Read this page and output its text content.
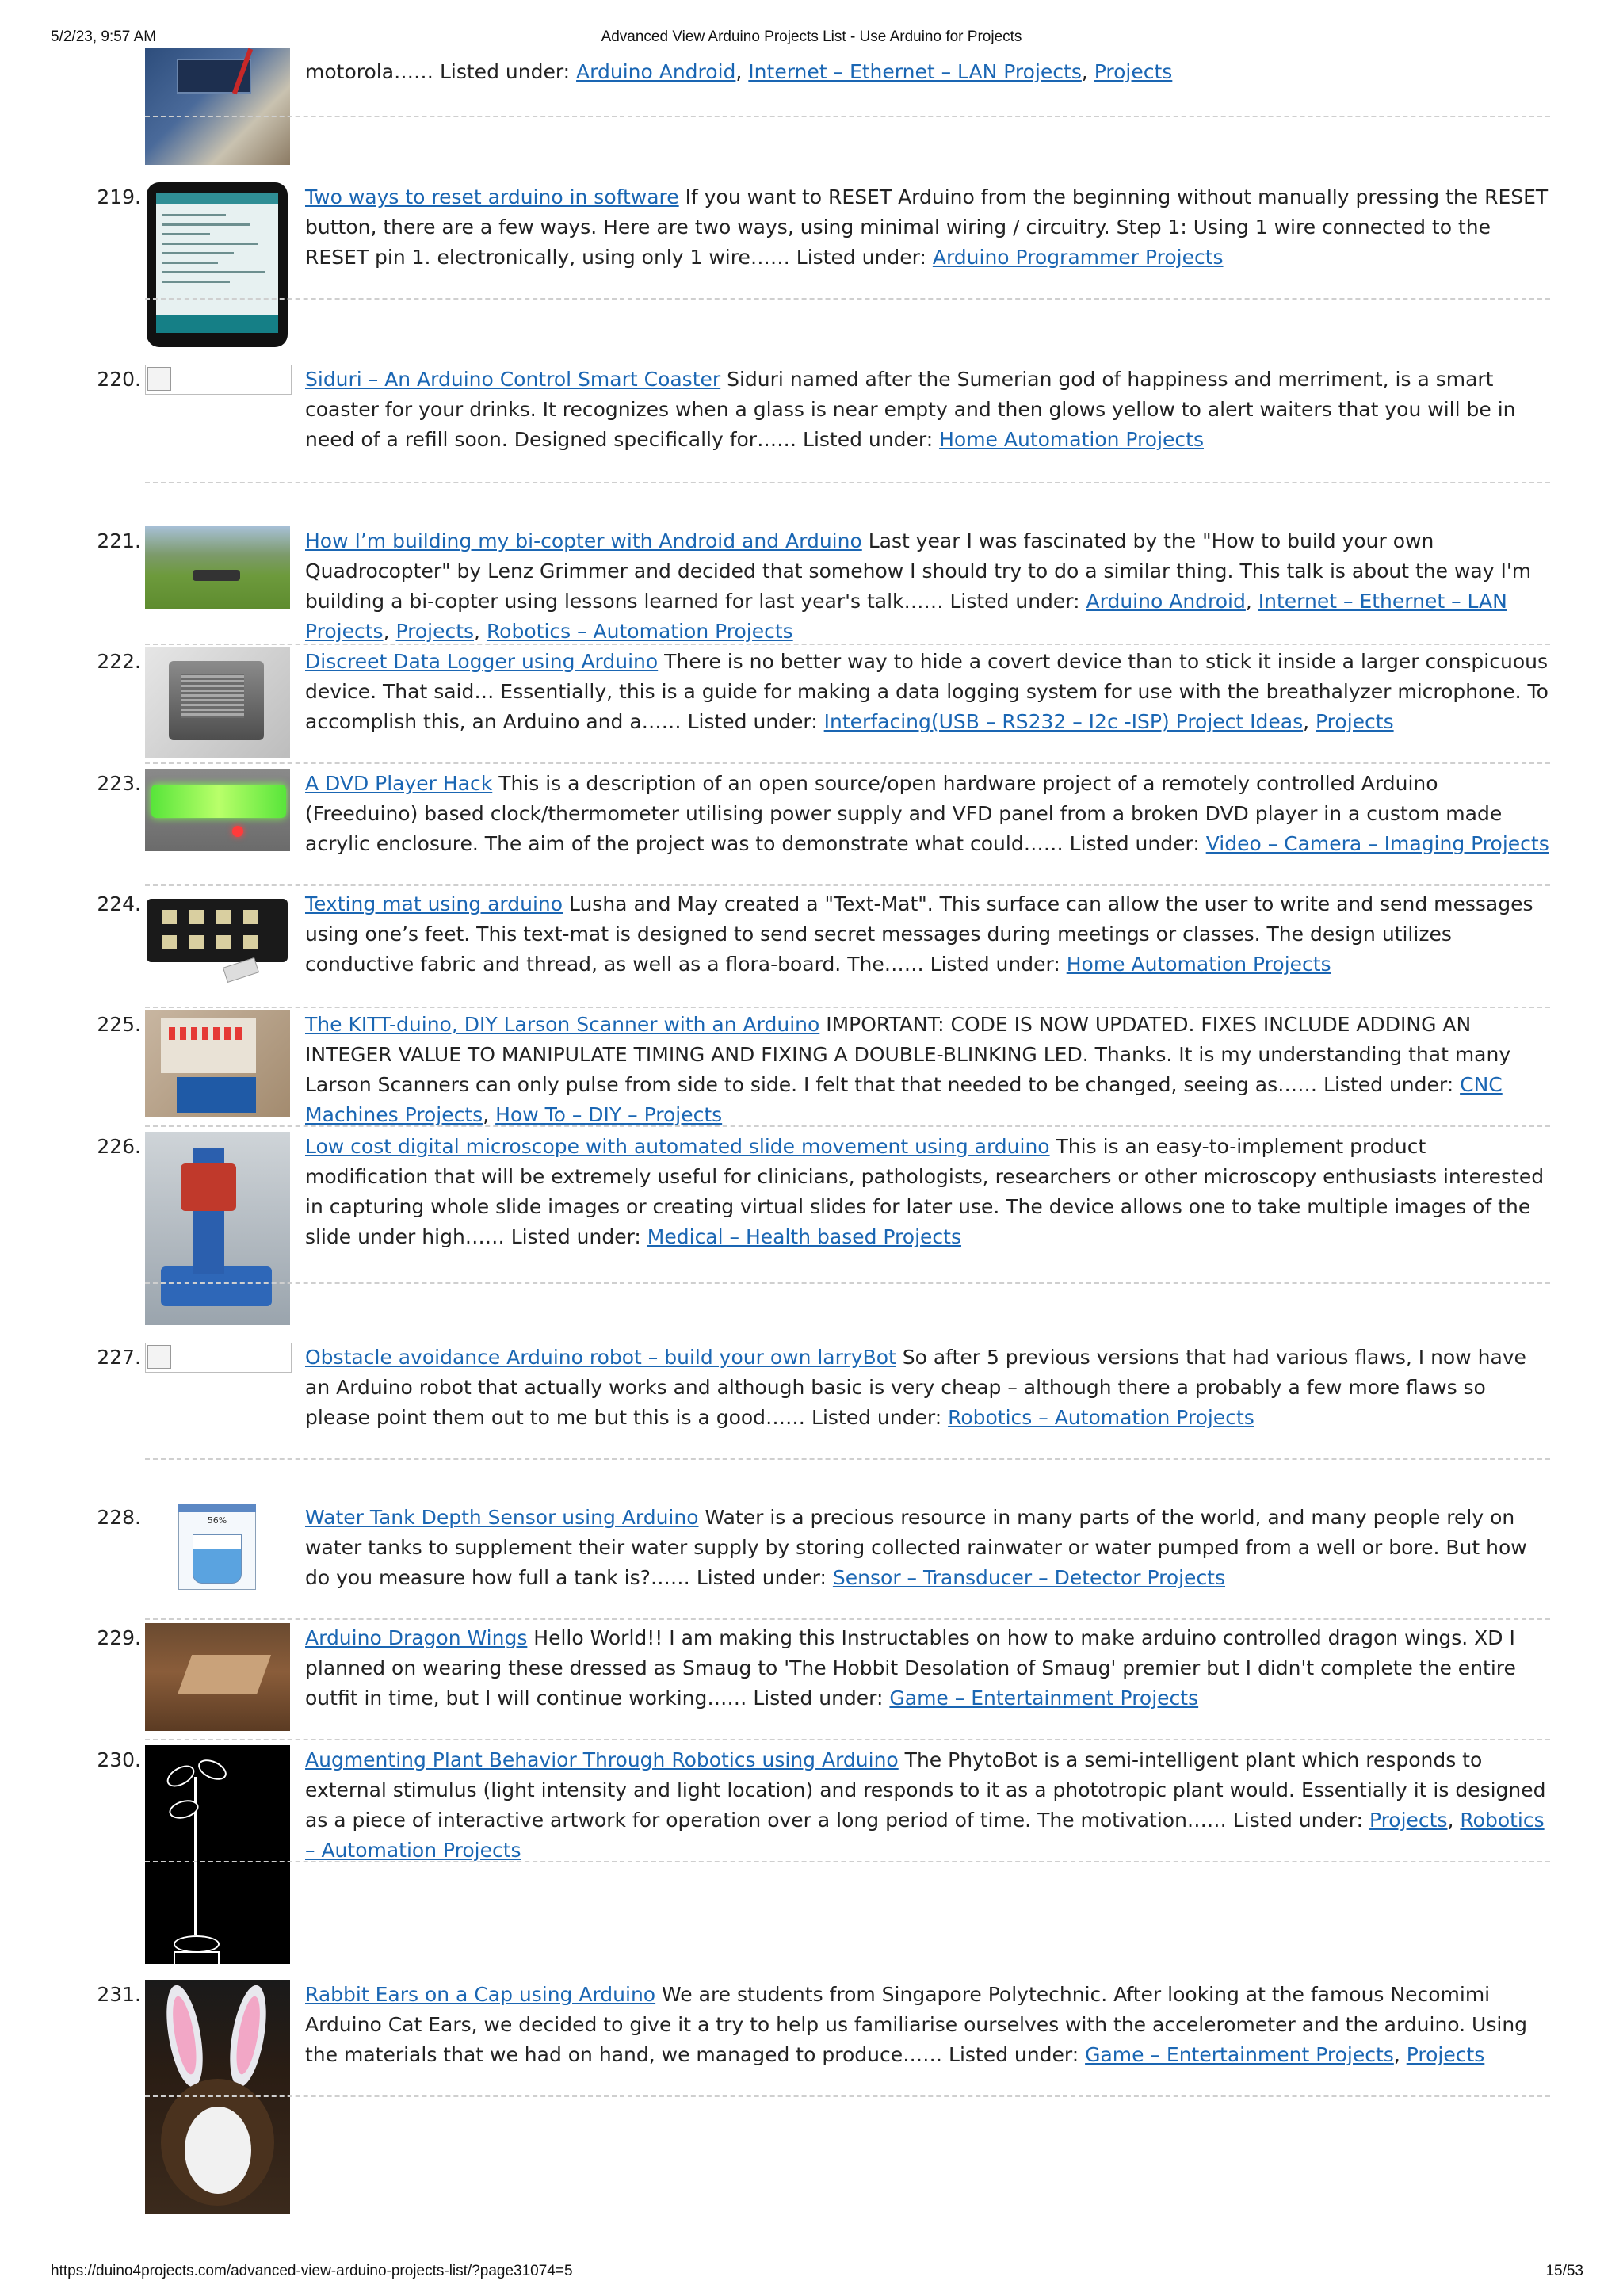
5/2/23, 9:57 AM	Advanced View Arduino Projects List - Use Arduino for Projects
motorola…… Listed under: Arduino Android, Internet – Ethernet – LAN Projects, Projects
219.	Two ways to reset arduino in software If you want to RESET Arduino from the beginning without manually pressing the RESET button, there are a few ways. Here are two ways, using minimal wiring / circuitry. Step 1: Using 1 wire connected to the RESET pin 1. electronically, using only 1 wire…… Listed under: Arduino Programmer Projects
220.	Siduri – An Arduino Control Smart Coaster Siduri named after the Sumerian god of happiness and merriment, is a smart coaster for your drinks. It recognizes when a glass is near empty and then glows yellow to alert waiters that you will be in need of a refill soon. Designed specifically for…… Listed under: Home Automation Projects
221.	How I’m building my bi-copter with Android and Arduino Last year I was fascinated by the "How to build your own Quadrocopter" by Lenz Grimmer and decided that somehow I should try to do a similar thing. This talk is about the way I'm building a bi-copter using lessons learned for last year's talk…… Listed under: Arduino Android, Internet – Ethernet – LAN Projects, Projects, Robotics – Automation Projects
222.	Discreet Data Logger using Arduino There is no better way to hide a covert device than to stick it inside a larger conspicuous device. That said… Essentially, this is a guide for making a data logging system for use with the breathalyzer microphone. To accomplish this, an Arduino and a…… Listed under: Interfacing(USB – RS232 – I2c -ISP) Project Ideas, Projects
223.	A DVD Player Hack This is a description of an open source/open hardware project of a remotely controlled Arduino (Freeduino) based clock/thermometer utilising power supply and VFD panel from a broken DVD player in a custom made acrylic enclosure. The aim of the project was to demonstrate what could…… Listed under: Video – Camera – Imaging Projects
224.	Texting mat using arduino Lusha and May created a "Text-Mat". This surface can allow the user to write and send messages using one’s feet. This text-mat is designed to send secret messages during meetings or classes. The design utilizes conductive fabric and thread, as well as a flora-board. The…… Listed under: Home Automation Projects
225.	The KITT-duino, DIY Larson Scanner with an Arduino IMPORTANT: CODE IS NOW UPDATED. FIXES INCLUDE ADDING AN INTEGER VALUE TO MANIPULATE TIMING AND FIXING A DOUBLE-BLINKING LED. Thanks. It is my understanding that many Larson Scanners can only pulse from side to side. I felt that that needed to be changed, seeing as…… Listed under: CNC Machines Projects, How To – DIY – Projects
226.	Low cost digital microscope with automated slide movement using arduino This is an easy-to-implement product modification that will be extremely useful for clinicians, pathologists, researchers or other microscopy enthusiasts interested in capturing whole slide images or creating virtual slides for later use. The device allows one to take multiple images of the slide under high…… Listed under: Medical – Health based Projects
227.	Obstacle avoidance Arduino robot – build your own larryBot So after 5 previous versions that had various flaws, I now have an Arduino robot that actually works and although basic is very cheap – although there a probably a few more flaws so please point them out to me but this is a good…… Listed under: Robotics – Automation Projects
228.	56%	Water Tank Depth Sensor using Arduino Water is a precious resource in many parts of the world, and many people rely on water tanks to supplement their water supply by storing collected rainwater or water pumped from a well or bore. But how do you measure how full a tank is?…… Listed under: Sensor – Transducer – Detector Projects
229.	Arduino Dragon Wings Hello World!! I am making this Instructables on how to make arduino controlled dragon wings. XD I planned on wearing these dressed as Smaug to 'The Hobbit Desolation of Smaug' premier but I didn't complete the entire outfit in time, but I will continue working…… Listed under: Game – Entertainment Projects
230.	Augmenting Plant Behavior Through Robotics using Arduino The PhytoBot is a semi-intelligent plant which responds to external stimulus (light intensity and light location) and responds to it as a phototropic plant would. Essentially it is designed as a piece of interactive artwork for operation over a long period of time. The motivation…… Listed under: Projects, Robotics – Automation Projects
231.	Rabbit Ears on a Cap using Arduino We are students from Singapore Polytechnic. After looking at the famous Necomimi Arduino Cat Ears, we decided to give it a try to help us familiarise ourselves with the accelerometer and the arduino. Using the materials that we had on hand, we managed to produce…… Listed under: Game – Entertainment Projects, Projects
https://duino4projects.com/advanced-view-arduino-projects-list/?page31074=5	15/53
